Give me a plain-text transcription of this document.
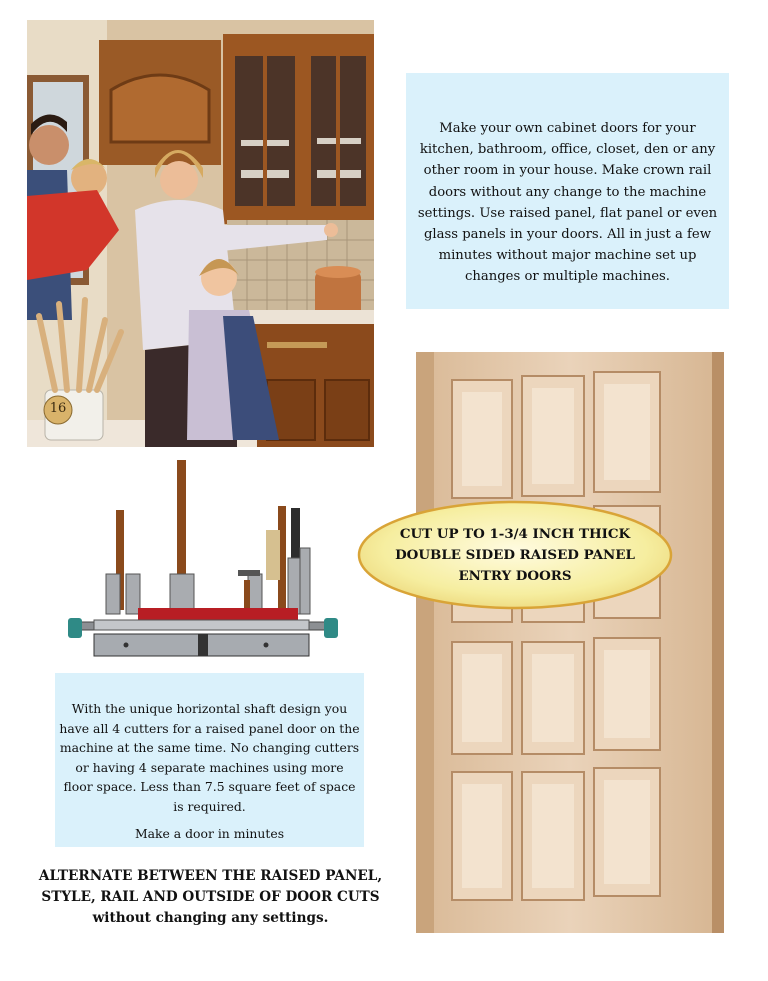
16
Make your own cabinet doors for your kitchen, bathroom, office, closet, den or any other room in your house. Make crown rail doors without any change to the machine settings. Use raised panel, flat panel or even glass panels in your doors. All in just a few minutes without major machine set up changes or multiple machines.
With the unique horizontal shaft design you have all 4 cutters for a raised panel door on the machine at the same time. No changing cutters or having 4 separate machines using more floor space. Less than 7.5 square feet of space is required.
Make a door in minutes
ALTERNATE BETWEEN THE RAISED PANEL, STYLE, RAIL AND OUTSIDE OF DOOR CUTS
without changing any settings.
CUT UP TO 1-3/4 INCH THICK
DOUBLE SIDED RAISED PANEL
ENTRY DOORS
